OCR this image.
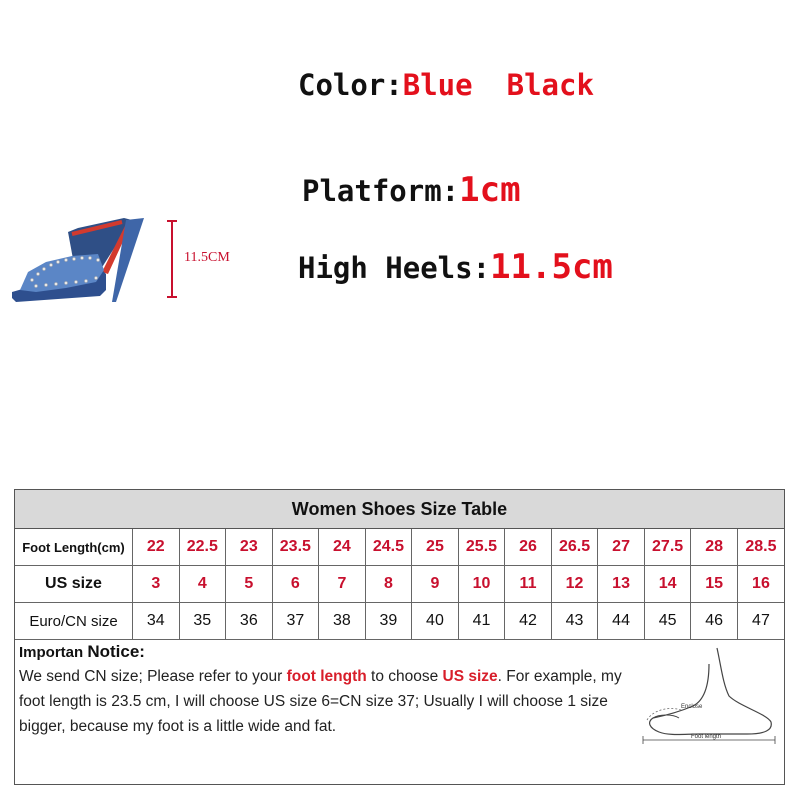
11.5CM
Color:Blue Black
Platform:1cm
High Heels:11.5cm
Women Shoes Size Table
Foot Length(cm)	22	22.5	23	23.5	24	24.5	25	25.5	26	26.5	27	27.5	28	28.5
US size	3	4	5	6	7	8	9	10	11	12	13	14	15	16
Euro/CN size	34	35	36	37	38	39	40	41	42	43	44	45	46	47
Importan Notice:
We send CN size; Please refer to your foot length to choose US size. For example, my foot length is 23.5 cm, I will choose US size 6=CN size 37; Usually I will choose 1 size bigger, because my foot is a little wide and fat.
Enclose
Foot length
